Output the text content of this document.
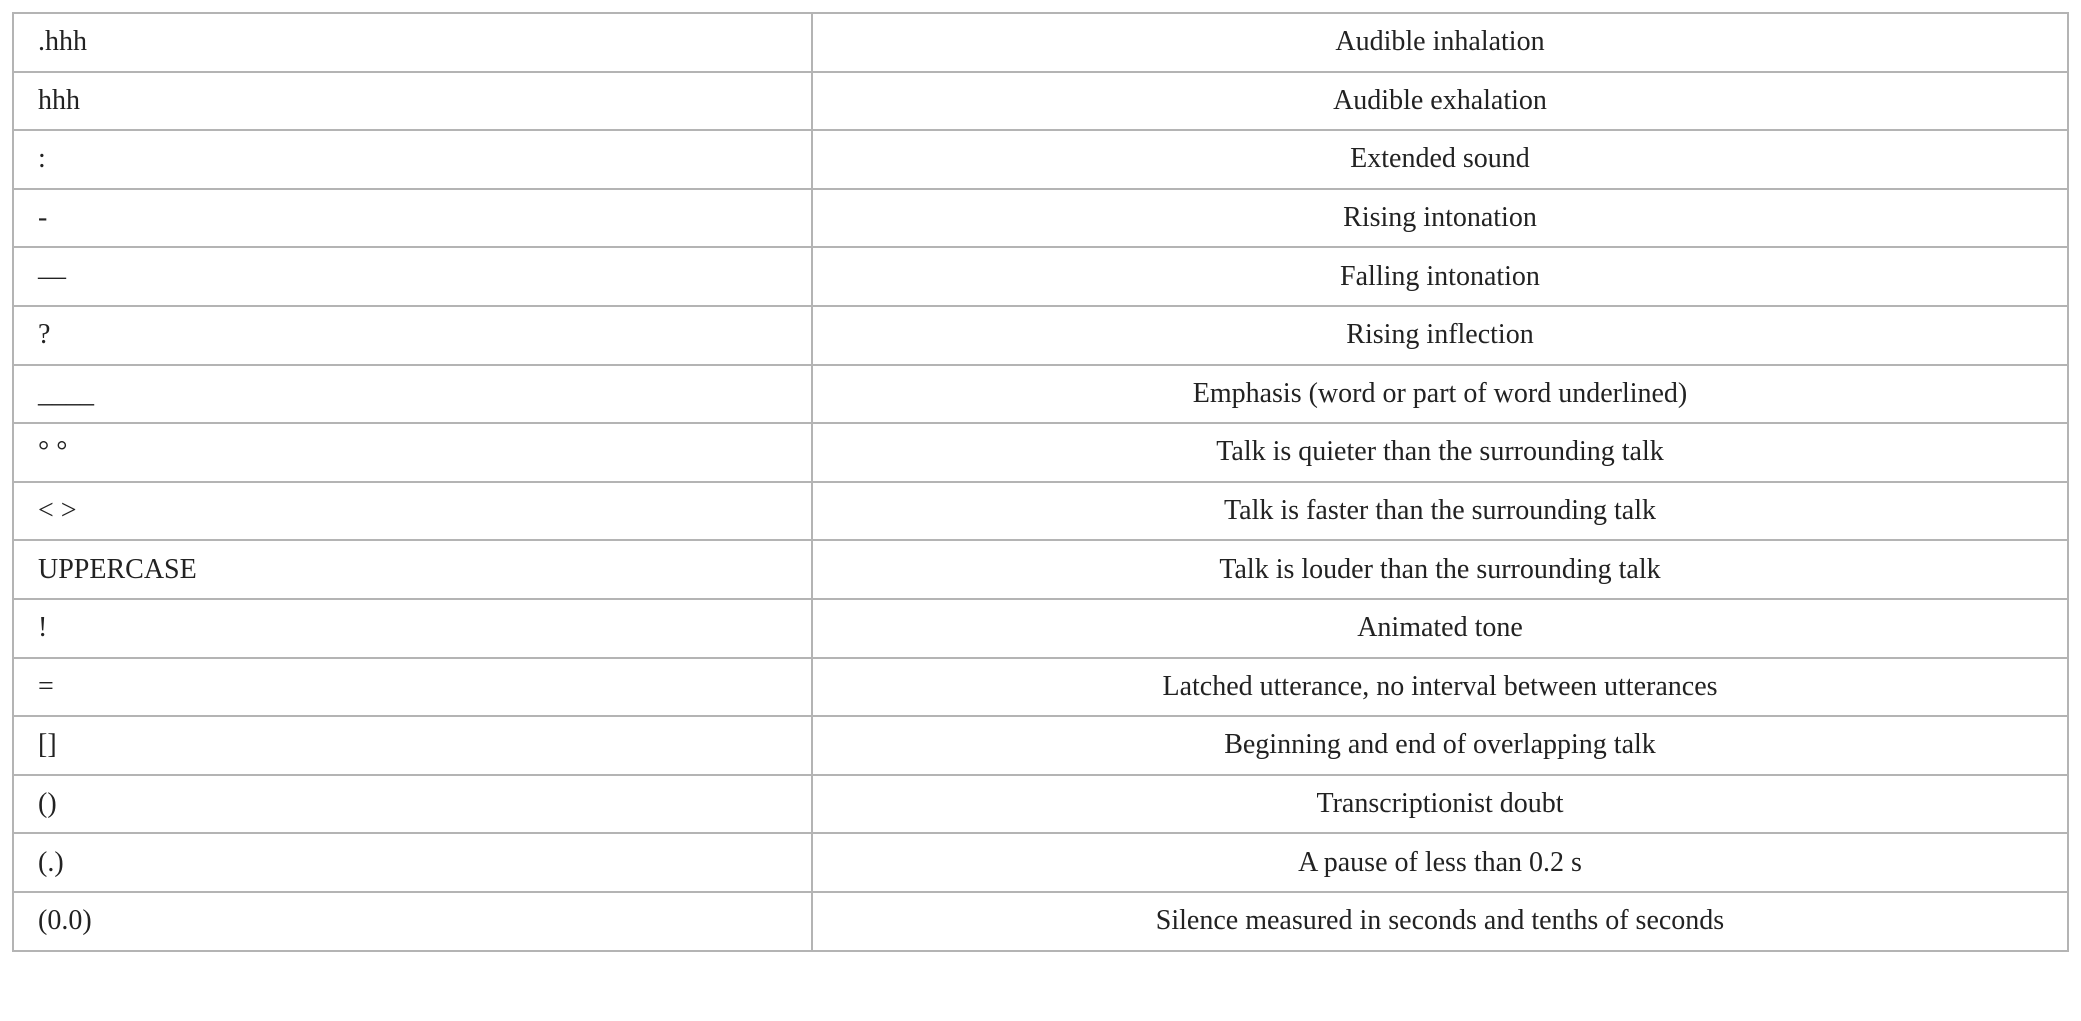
.hhh	Audible inhalation
hhh	Audible exhalation
:	Extended sound
-	Rising intonation
—	Falling intonation
?	Rising inflection
____	Emphasis (word or part of word underlined)
° °	Talk is quieter than the surrounding talk
< >	Talk is faster than the surrounding talk
UPPERCASE	Talk is louder than the surrounding talk
!	Animated tone
=	Latched utterance, no interval between utterances
[]	Beginning and end of overlapping talk
()	Transcriptionist doubt
(.)	A pause of less than 0.2 s
(0.0)	Silence measured in seconds and tenths of seconds
